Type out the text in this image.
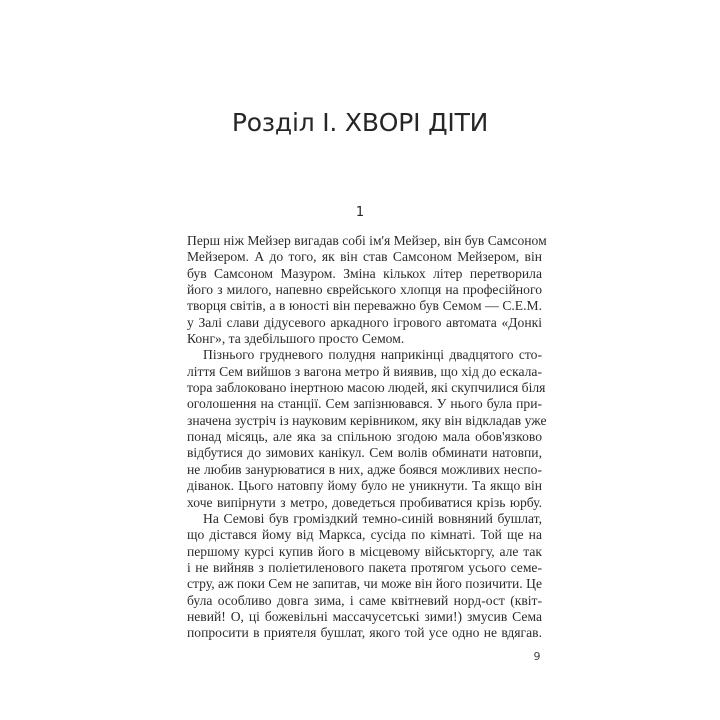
Розділ I. ХВОРІ ДІТИ
1

Перш ніж Мейзер вигадав собі ім'я Мейзер, він був Самсоном
Мейзером. А до того, як він став Самсоном Мейзером, він
був Самсоном Мазуром. Зміна кількох літер перетворила
його з милого, напевно єврейського хлопця на професійного
творця світів, а в юності він переважно був Семом — С.Е.М.
у Залі слави дідусевого аркадного ігрового автомата «Донкі
Конг», та здебільшого просто Семом.

Пізнього грудневого полудня наприкінці двадцятого сто-
ліття Сем вийшов з вагона метро й виявив, що хід до ескала-
тора заблоковано інертною масою людей, які скупчилися біля
оголошення на станції. Сем запізнювався. У нього була при-
значена зустріч із науковим керівником, яку він відкладав уже
понад місяць, але яка за спільною згодою мала обов'язково
відбутися до зимових канікул. Сем волів обминати натовпи,
не любив занурюватися в них, адже боявся можливих неспо-
діванок. Цього натовпу йому було не уникнути. Та якщо він
хоче випірнути з метро, доведеться пробиватися крізь юрбу.

На Семові був громіздкий темно-синій вовняний бушлат,
що дістався йому від Маркса, сусіда по кімнаті. Той ще на
першому курсі купив його в місцевому військторгу, але так
і не вийняв з поліетиленового пакета протягом усього семе-
стру, аж поки Сем не запитав, чи може він його позичити. Це
була особливо довга зима, і саме квітневий норд-ост (квіт-
невий! О, ці божевільні массачусетські зими!) змусив Сема
попросити в приятеля бушлат, якого той усе одно не вдягав.

9
